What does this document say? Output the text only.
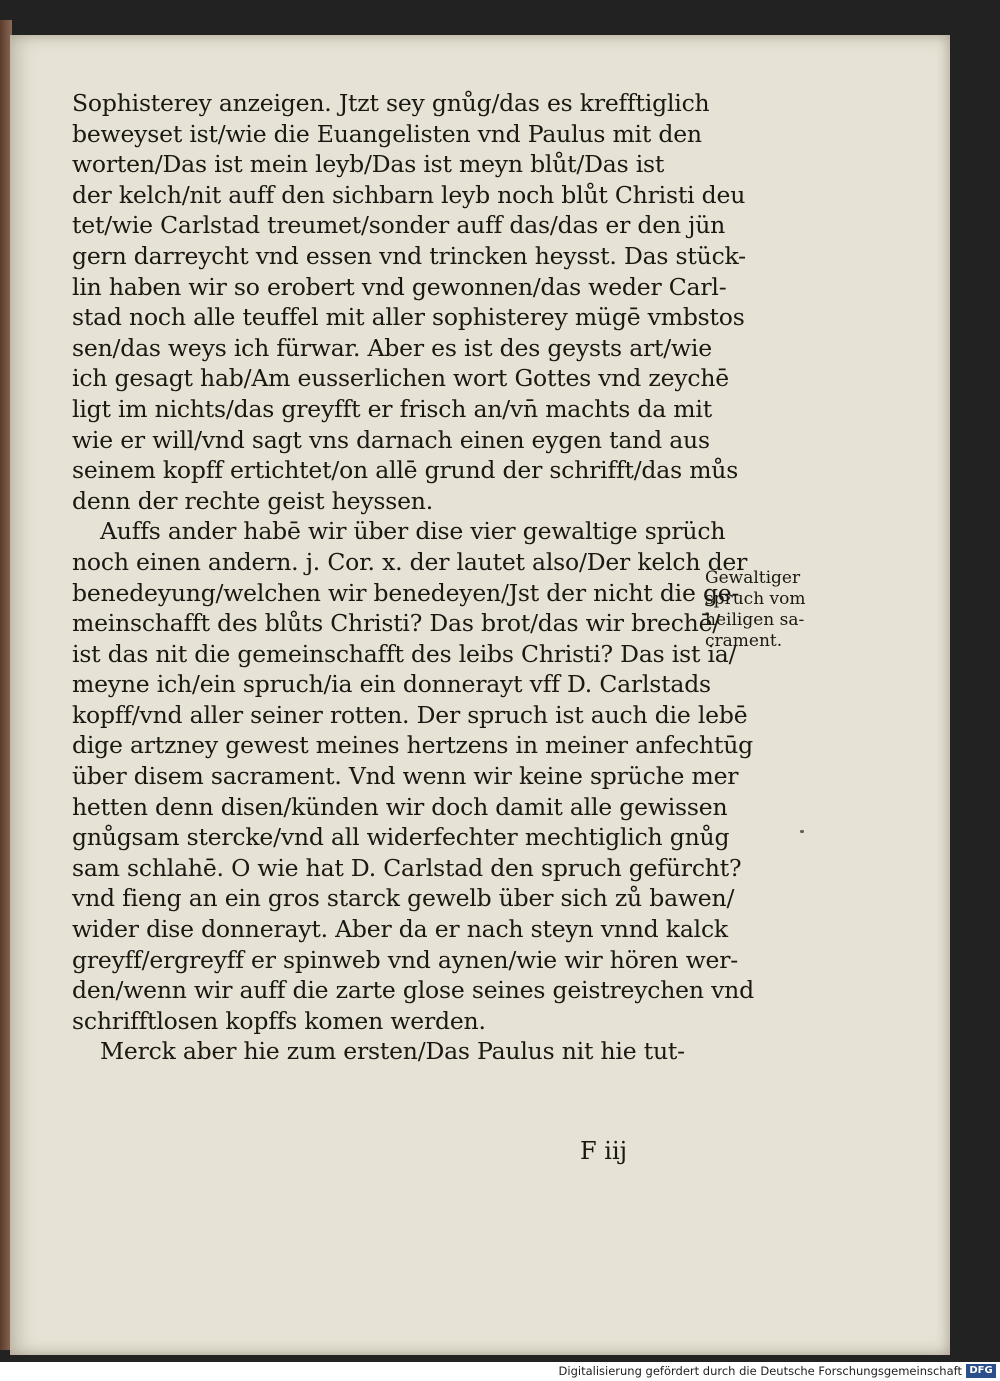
Sophisterey anzeigen. Jtzt sey gnůg/das es krefftiglich
beweyset ist/wie die Euangelisten vnd Paulus mit den
worten/Das ist mein leyb/Das ist meyn blůt/Das ist
der kelch/nit auff den sichbarn leyb noch blůt Christi deu
tet/wie Carlstad treumet/sonder auff das/das er den jün
gern darreycht vnd essen vnd trincken heysst. Das stück-
lin haben wir so erobert vnd gewonnen/das weder Carl-
stad noch alle teuffel mit aller sophisterey mügē vmbstos
sen/das weys ich fürwar. Aber es ist des geysts art/wie
ich gesagt hab/Am eusserlichen wort Gottes vnd zeychē
ligt im nichts/das greyfft er frisch an/vn̄ machts da mit
wie er will/vnd sagt vns darnach einen eygen tand aus
seinem kopff ertichtet/on allē grund der schrifft/das můs
denn der rechte geist heyssen.
Auffs ander habē wir über dise vier gewaltige sprüch
noch einen andern. j. Cor. x. der lautet also/Der kelch der
benedeyung/welchen wir benedeyen/Jst der nicht die ge-
meinschafft des blůts Christi? Das brot/das wir brechē/
ist das nit die gemeinschafft des leibs Christi? Das ist ia/
meyne ich/ein spruch/ia ein donnerayt vff D. Carlstads
kopff/vnd aller seiner rotten. Der spruch ist auch die lebē
dige artzney gewest meines hertzens in meiner anfechtūg
über disem sacrament. Vnd wenn wir keine sprüche mer
hetten denn disen/künden wir doch damit alle gewissen
gnůgsam stercke/vnd all widerfechter mechtiglich gnůg
sam schlahē. O wie hat D. Carlstad den spruch gefürcht?
vnd fieng an ein gros starck gewelb über sich zů bawen/
wider dise donnerayt. Aber da er nach steyn vnnd kalck
greyff/ergreyff er spinweb vnd aynen/wie wir hören wer-
den/wenn wir auff die zarte glose seines geistreychen vnd
schrifftlosen kopffs komen werden.
Merck aber hie zum ersten/Das Paulus nit hie tut-
Gewaltiger
spruch vom
heiligen sa-
crament.
F iij
Digitalisierung gefördert durch die Deutsche Forschungsgemeinschaft DFG
